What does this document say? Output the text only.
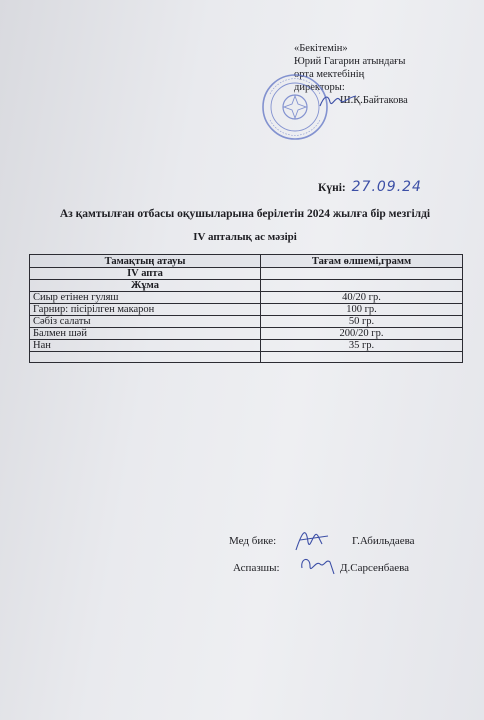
«Бекітемін»
Юрий Гагарин атындағы
орта мектебінің
директоры:
Ш.Қ.Байтакова
Күні: 27.09.24
Аз қамтылған отбасы оқушыларына берілетін 2024 жылға бір мезгілді
IV апталық ас мәзірі
Тамақтың атауы	Тағам өлшемі,грамм
IV апта	
Жұма	
Сиыр етінен гуляш	40/20 гр.
Гарнир: пісірілген макарон	100 гр.
Сәбіз салаты	50 гр.
Балмен шәй	200/20 гр.
Нан	35 гр.

Мед бике:	Г.Абильдаева
Аспазшы:	Д.Сарсенбаева
